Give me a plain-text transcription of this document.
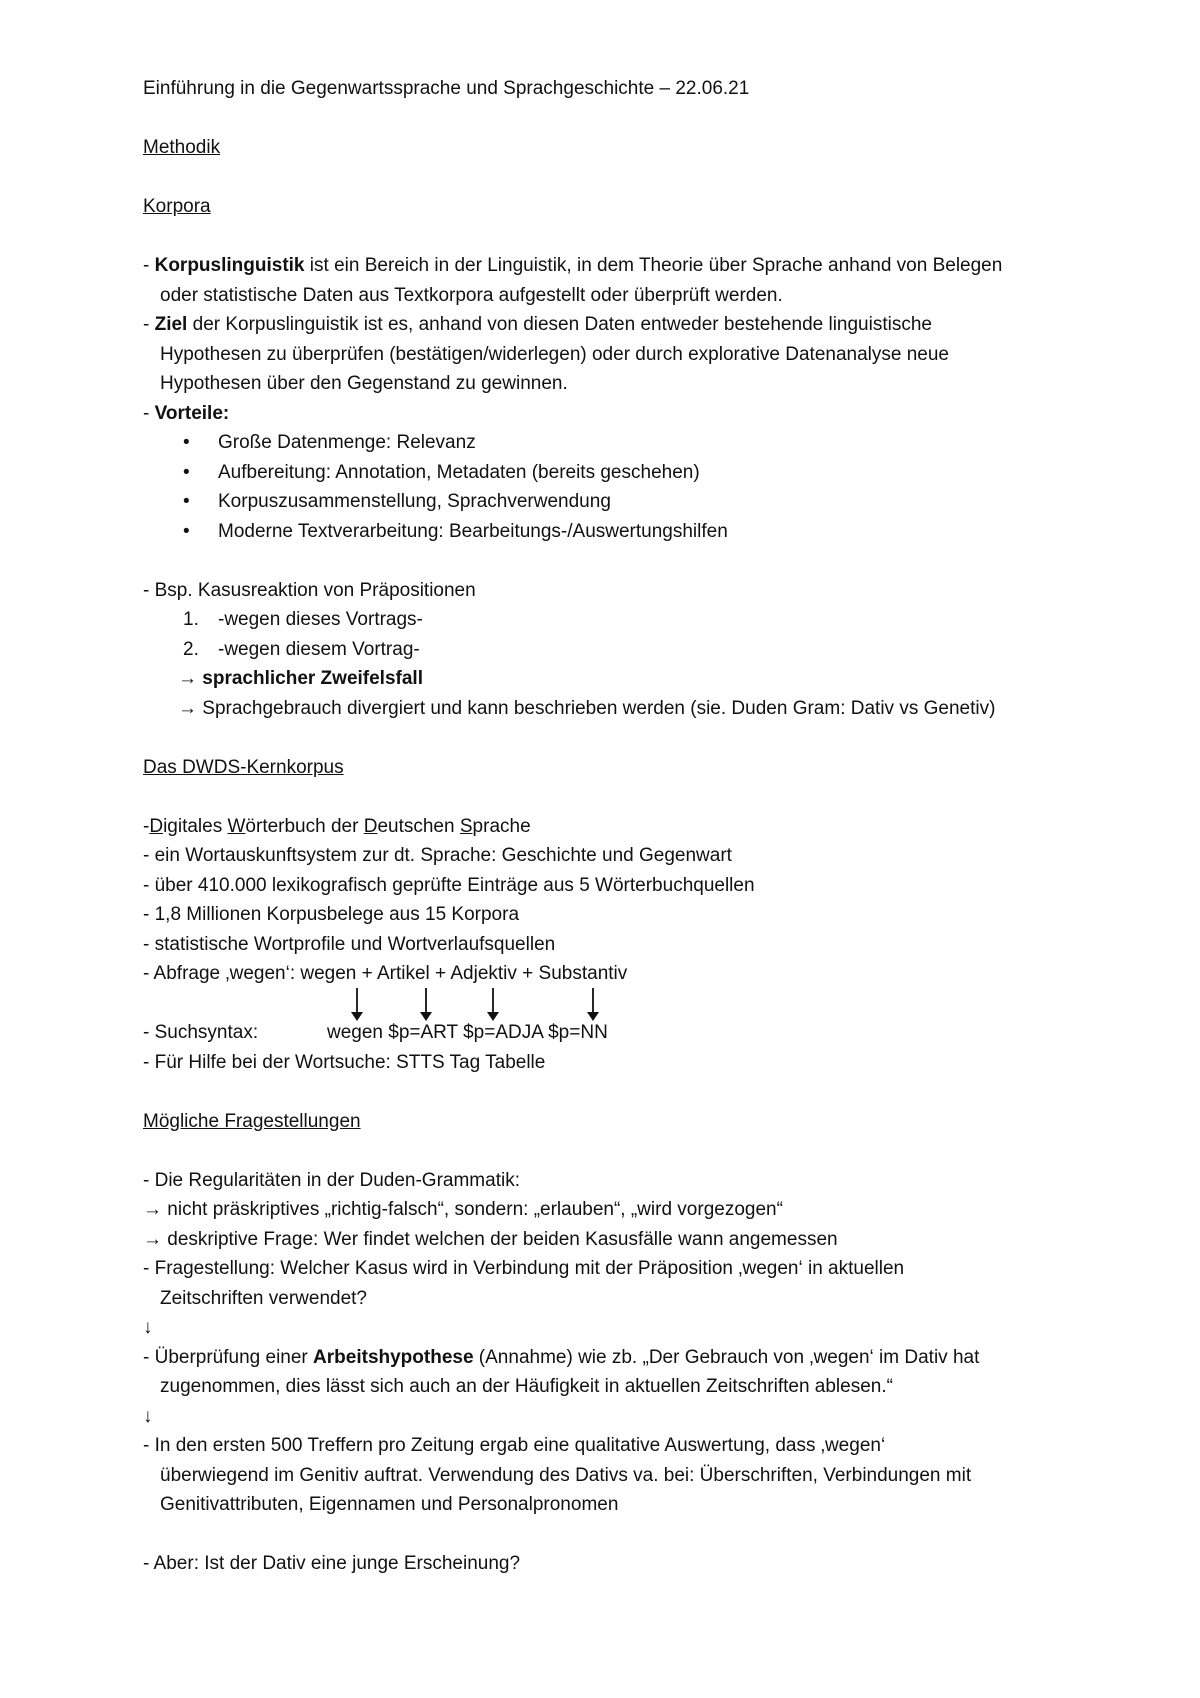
Einführung in die Gegenwartssprache und Sprachgeschichte – 22.06.21
Methodik
Korpora
- Korpuslinguistik ist ein Bereich in der Linguistik, in dem Theorie über Sprache anhand von Belegen
oder statistische Daten aus Textkorpora aufgestellt oder überprüft werden.
- Ziel der Korpuslinguistik ist es, anhand von diesen Daten entweder bestehende linguistische
Hypothesen zu überprüfen (bestätigen/widerlegen) oder durch explorative Datenanalyse neue
Hypothesen über den Gegenstand zu gewinnen.
- Vorteile:
• Große Datenmenge: Relevanz
• Aufbereitung: Annotation, Metadaten (bereits geschehen)
• Korpuszusammenstellung, Sprachverwendung
• Moderne Textverarbeitung: Bearbeitungs-/Auswertungshilfen
- Bsp. Kasusreaktion von Präpositionen
1. -wegen dieses Vortrags-
2. -wegen diesem Vortrag-
→ sprachlicher Zweifelsfall
→ Sprachgebrauch divergiert und kann beschrieben werden (sie. Duden Gram: Dativ vs Genetiv)
Das DWDS-Kernkorpus
-Digitales Wörterbuch der Deutschen Sprache
- ein Wortauskunftsystem zur dt. Sprache: Geschichte und Gegenwart
- über 410.000 lexikografisch geprüfte Einträge aus 5 Wörterbuchquellen
- 1,8 Millionen Korpusbelege aus 15 Korpora
- statistische Wortprofile und Wortverlaufsquellen
- Abfrage ‚wegen‘: wegen + Artikel + Adjektiv + Substantiv
- Suchsyntax:	wegen $p=ART $p=ADJA $p=NN
- Für Hilfe bei der Wortsuche: STTS Tag Tabelle
Mögliche Fragestellungen
- Die Regularitäten in der Duden-Grammatik:
→ nicht präskriptives „richtig-falsch“, sondern: „erlauben“, „wird vorgezogen“
→ deskriptive Frage: Wer findet welchen der beiden Kasusfälle wann angemessen
- Fragestellung: Welcher Kasus wird in Verbindung mit der Präposition ‚wegen‘ in aktuellen
Zeitschriften verwendet?
↓
- Überprüfung einer Arbeitshypothese (Annahme) wie zb. „Der Gebrauch von ‚wegen‘ im Dativ hat
zugenommen, dies lässt sich auch an der Häufigkeit in aktuellen Zeitschriften ablesen.“
↓
- In den ersten 500 Treffern pro Zeitung ergab eine qualitative Auswertung, dass ‚wegen‘
überwiegend im Genitiv auftrat. Verwendung des Dativs va. bei: Überschriften, Verbindungen mit
Genitivattributen, Eigennamen und Personalpronomen
- Aber: Ist der Dativ eine junge Erscheinung?
